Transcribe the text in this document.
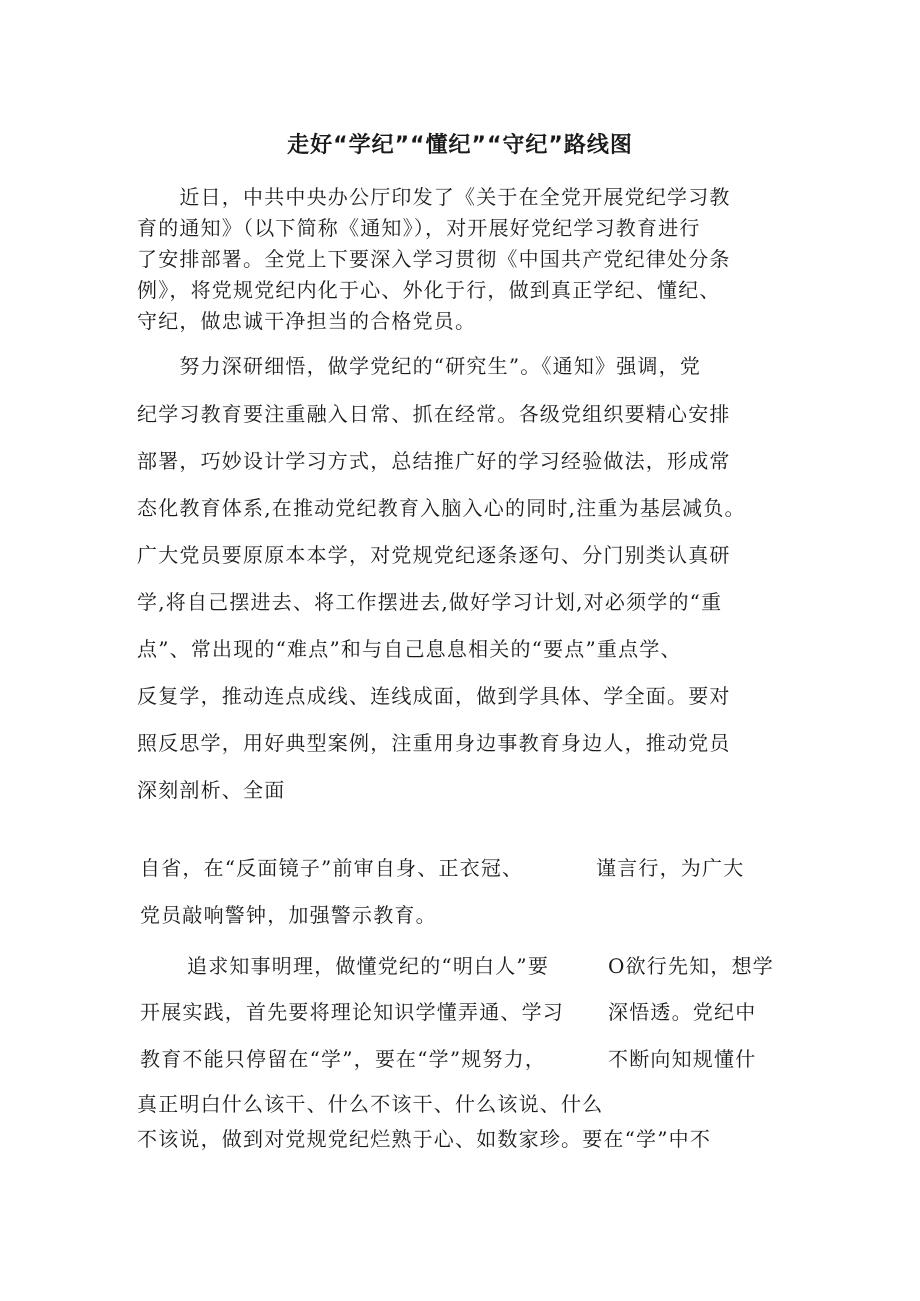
走好“学纪”“懂纪”“守纪”路线图
　　近日，中共中央办公厅印发了《关于在全党开展党纪学习教
育的通知》（以下简称《通知》），对开展好党纪学习教育进行
了安排部署。全党上下要深入学习贯彻《中国共产党纪律处分条
例》，将党规党纪内化于心、外化于行，做到真正学纪、懂纪、
守纪，做忠诚干净担当的合格党员。
　　努力深研细悟，做学党纪的“研究生”。《通知》强调，党
纪学习教育要注重融入日常、抓在经常。各级党组织要精心安排
部署，巧妙设计学习方式，总结推广好的学习经验做法，形成常
态化教育体系,在推动党纪教育入脑入心的同时,注重为基层减负。
广大党员要原原本本学，对党规党纪逐条逐句、分门别类认真研
学,将自己摆进去、将工作摆进去,做好学习计划,对必须学的“重
点”、常出现的“难点”和与自己息息相关的“要点”重点学、
反复学，推动连点成线、连线成面，做到学具体、学全面。要对
照反思学，用好典型案例，注重用身边事教育身边人，推动党员
深刻剖析、全面
自省，在“反面镜子”前审自身、正衣冠、	谨言行，为广大
党员敲响警钟，加强警示教育。
追求知事明理，做懂党纪的“明白人”要
开展实践，首先要将理论知识学懂弄通、学习
教育不能只停留在“学”，要在“学”规努力，
O欲行先知，想学
深悟透。党纪中
不断向知规懂什
真正明白什么该干、什么不该干、什么该说、什么
不该说，做到对党规党纪烂熟于心、如数家珍。要在“学”中不
